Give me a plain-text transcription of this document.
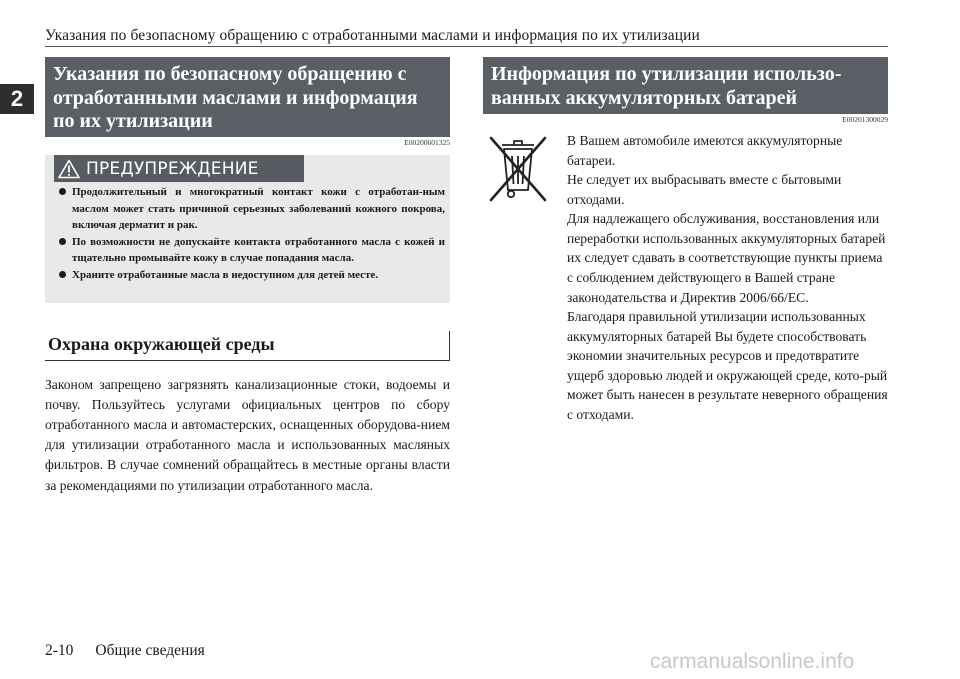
Указания по безопасному обращению с отработанными маслами и информация по их утилизации
2
Указания по безопасному обращению с отработанными маслами и информация по их утилизации
E00200601325
ПРЕДУПРЕЖДЕНИЕ
Продолжительный и многократный контакт кожи с отработан-ным маслом может стать причиной серьезных заболеваний кожного покрова, включая дерматит и рак.
По возможности не допускайте контакта отработанного масла с кожей и тщательно промывайте кожу в случае попадания масла.
Храните отработанные масла в недоступном для детей месте.
Охрана окружающей среды
Законом запрещено загрязнять канализационные стоки, водоемы и почву. Пользуйтесь услугами официальных центров по сбору отработанного масла и автомастерских, оснащенных оборудова-нием для утилизации отработанного масла и использованных масляных фильтров. В случае сомнений обращайтесь в местные органы власти за рекомендациями по утилизации отработанного масла.
Информация по утилизации использо-ванных аккумуляторных батарей
E00201300029

В Вашем автомобиле имеются аккумуляторные батареи.

Не следует их выбрасывать вместе с бытовыми отходами.

Для надлежащего обслуживания, восстановления или переработки использованных аккумуляторных батарей их следует сдавать в соответствующие пункты приема с соблюдением действующего в Вашей стране законодательства и Директив 2006/66/EC.

Благодаря правильной утилизации использованных аккумуляторных батарей Вы будете способствовать экономии значительных ресурсов и предотвратите ущерб здоровью людей и окружающей среде, кото-рый может быть нанесен в результате неверного обращения с отходами.

2-10 Общие сведения	carmanualsonline.info
